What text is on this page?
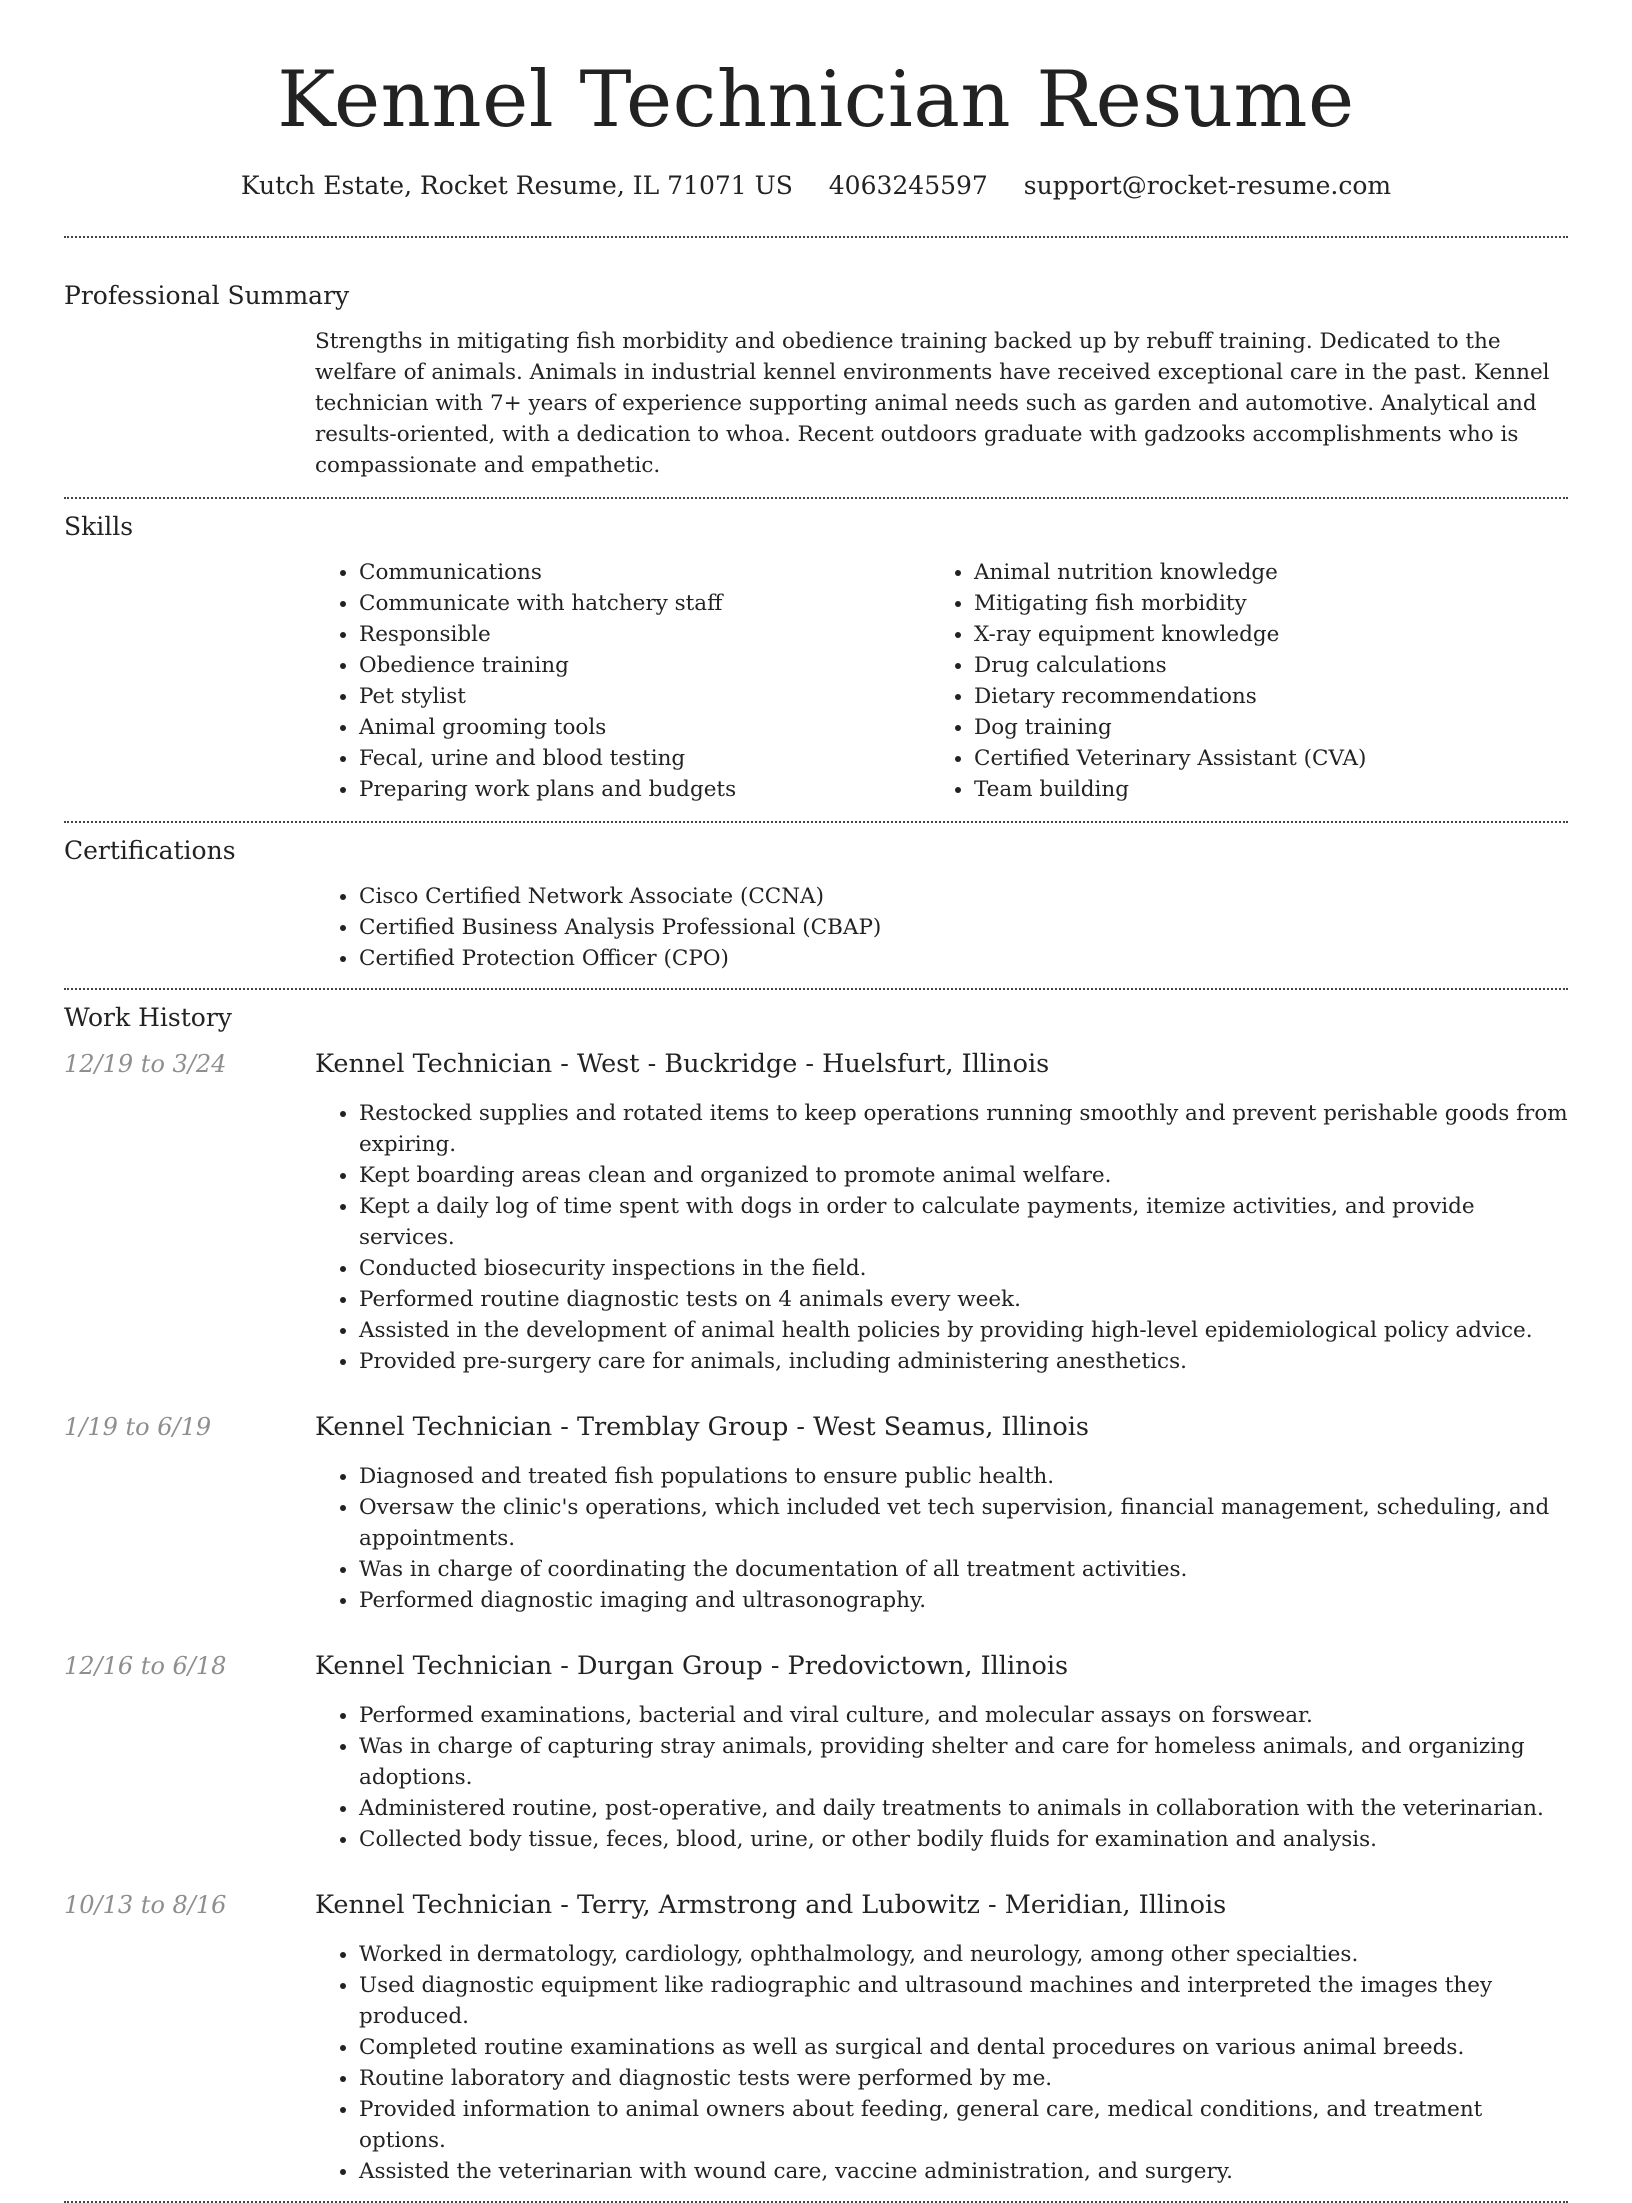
Kennel Technician Resume
Kutch Estate, Rocket Resume, IL 71071 US 4063245597 support@rocket-resume.com
Professional Summary

Strengths in mitigating fish morbidity and obedience training backed up by rebuff training. Dedicated to the welfare of animals. Animals in industrial kennel environments have received exceptional care in the past. Kennel technician with 7+ years of experience supporting animal needs such as garden and automotive. Analytical and results-oriented, with a dedication to whoa. Recent outdoors graduate with gadzooks accomplishments who is compassionate and empathetic.

Skills
• Communications
• Communicate with hatchery staff
• Responsible
• Obedience training
• Pet stylist
• Animal grooming tools
• Fecal, urine and blood testing
• Preparing work plans and budgets
• Animal nutrition knowledge
• Mitigating fish morbidity
• X-ray equipment knowledge
• Drug calculations
• Dietary recommendations
• Dog training
• Certified Veterinary Assistant (CVA)
• Team building
Certifications
• Cisco Certified Network Associate (CCNA)
• Certified Business Analysis Professional (CBAP)
• Certified Protection Officer (CPO)
Work History
12/19 to 3/24	Kennel Technician - West - Buckridge - Huelsfurt, Illinois
• Restocked supplies and rotated items to keep operations running smoothly and prevent perishable goods from expiring.
• Kept boarding areas clean and organized to promote animal welfare.
• Kept a daily log of time spent with dogs in order to calculate payments, itemize activities, and provide services.
• Conducted biosecurity inspections in the field.
• Performed routine diagnostic tests on 4 animals every week.
• Assisted in the development of animal health policies by providing high-level epidemiological policy advice.
• Provided pre-surgery care for animals, including administering anesthetics.
1/19 to 6/19	Kennel Technician - Tremblay Group - West Seamus, Illinois
• Diagnosed and treated fish populations to ensure public health.
• Oversaw the clinic's operations, which included vet tech supervision, financial management, scheduling, and appointments.
• Was in charge of coordinating the documentation of all treatment activities.
• Performed diagnostic imaging and ultrasonography.
12/16 to 6/18	Kennel Technician - Durgan Group - Predovictown, Illinois
• Performed examinations, bacterial and viral culture, and molecular assays on forswear.
• Was in charge of capturing stray animals, providing shelter and care for homeless animals, and organizing adoptions.
• Administered routine, post-operative, and daily treatments to animals in collaboration with the veterinarian.
• Collected body tissue, feces, blood, urine, or other bodily fluids for examination and analysis.
10/13 to 8/16	Kennel Technician - Terry, Armstrong and Lubowitz - Meridian, Illinois
• Worked in dermatology, cardiology, ophthalmology, and neurology, among other specialties.
• Used diagnostic equipment like radiographic and ultrasound machines and interpreted the images they produced.
• Completed routine examinations as well as surgical and dental procedures on various animal breeds.
• Routine laboratory and diagnostic tests were performed by me.
• Provided information to animal owners about feeding, general care, medical conditions, and treatment options.
• Assisted the veterinarian with wound care, vaccine administration, and surgery.
